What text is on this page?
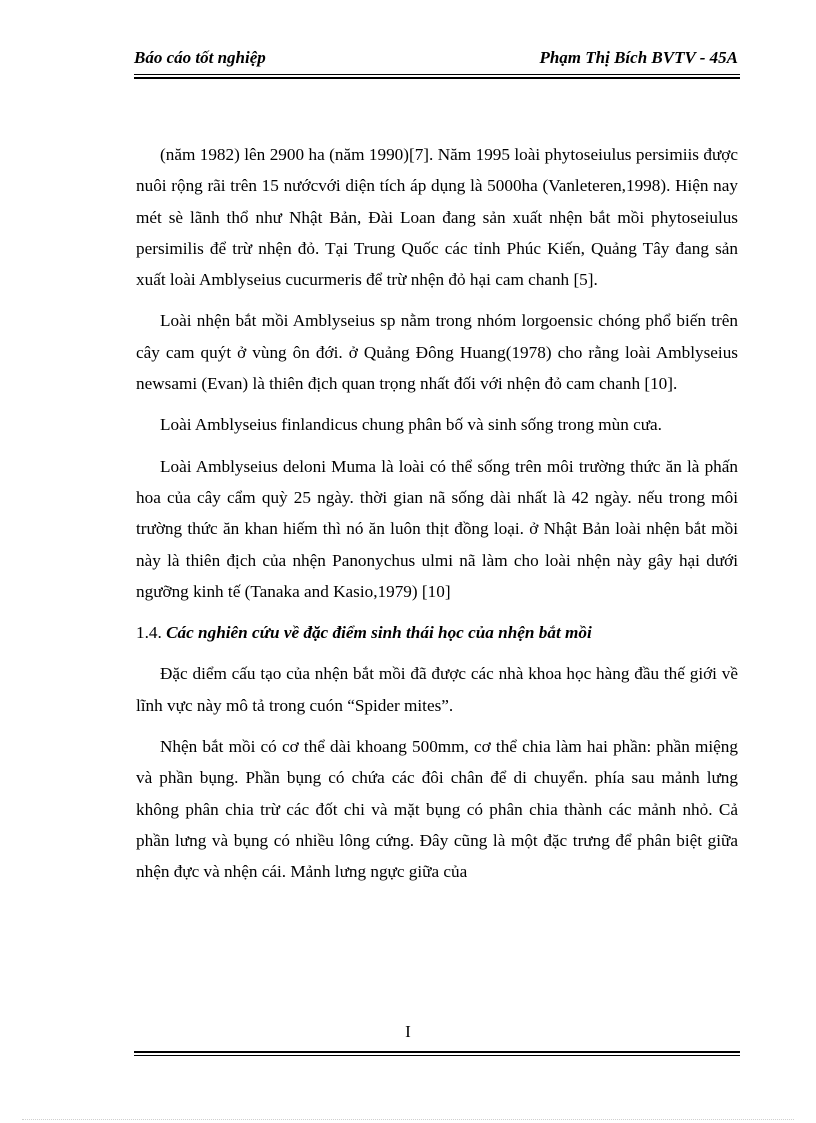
Báo cáo tốt nghiệp	Phạm Thị Bích BVTV - 45A

(năm 1982) lên 2900 ha (năm 1990)[7]. Năm 1995 loài phytoseiulus persimiis được nuôi rộng rãi trên 15 nướcvới diện tích áp dụng là 5000ha (Vanleteren,1998). Hiện nay mét sè lãnh thổ như Nhật Bản, Đài Loan đang sản xuất nhện bắt mồi phytoseiulus persimilis để trừ nhện đỏ. Tại Trung Quốc các tỉnh Phúc Kiến, Quảng Tây đang sản xuất loài Amblyseius cucurmeris để trừ nhện đỏ hại cam chanh [5].

Loài nhện bắt mồi Amblyseius sp nằm trong nhóm lorgoensic chóng phổ biến trên cây cam quýt ở vùng ôn đới. ở Quảng Đông Huang(1978) cho rằng loài Amblyseius newsami (Evan) là thiên địch quan trọng nhất đối với nhện đỏ cam chanh [10].

Loài Amblyseius finlandicus chung phân bố và sinh sống trong mùn cưa.

Loài Amblyseius deloni Muma là loài có thể sống trên môi trường thức ăn là phấn hoa của cây cẩm quỳ 25 ngày. thời gian nã sống dài nhất là 42 ngày. nếu trong môi trường thức ăn khan hiếm thì nó ăn luôn thịt đồng loại. ở Nhật Bản loài nhện bắt mồi này là thiên địch của nhện Panonychus ulmi nã làm cho loài nhện này gây hại dưới ngưỡng kinh tế (Tanaka and Kasio,1979) [10]

1.4. Các nghiên cứu về đặc điểm sinh thái học của nhện bắt mồi

Đặc diểm cấu tạo của nhện bắt mồi đã được các nhà khoa học hàng đầu thế giới về lĩnh vực này mô tả trong cuón “Spider mites”.

Nhện bắt mồi có cơ thể dài khoang 500mm, cơ thể chia làm hai phần: phần miệng và phần bụng. Phần bụng có chứa các đôi chân để di chuyển. phía sau mảnh lưng không phân chia trừ các đốt chi và mặt bụng có phân chia thành các mảnh nhỏ. Cả phần lưng và bụng có nhiều lông cứng. Đây cũng là một đặc trưng để phân biệt giữa nhện đực và nhện cái. Mảnh lưng ngực giữa của

I
